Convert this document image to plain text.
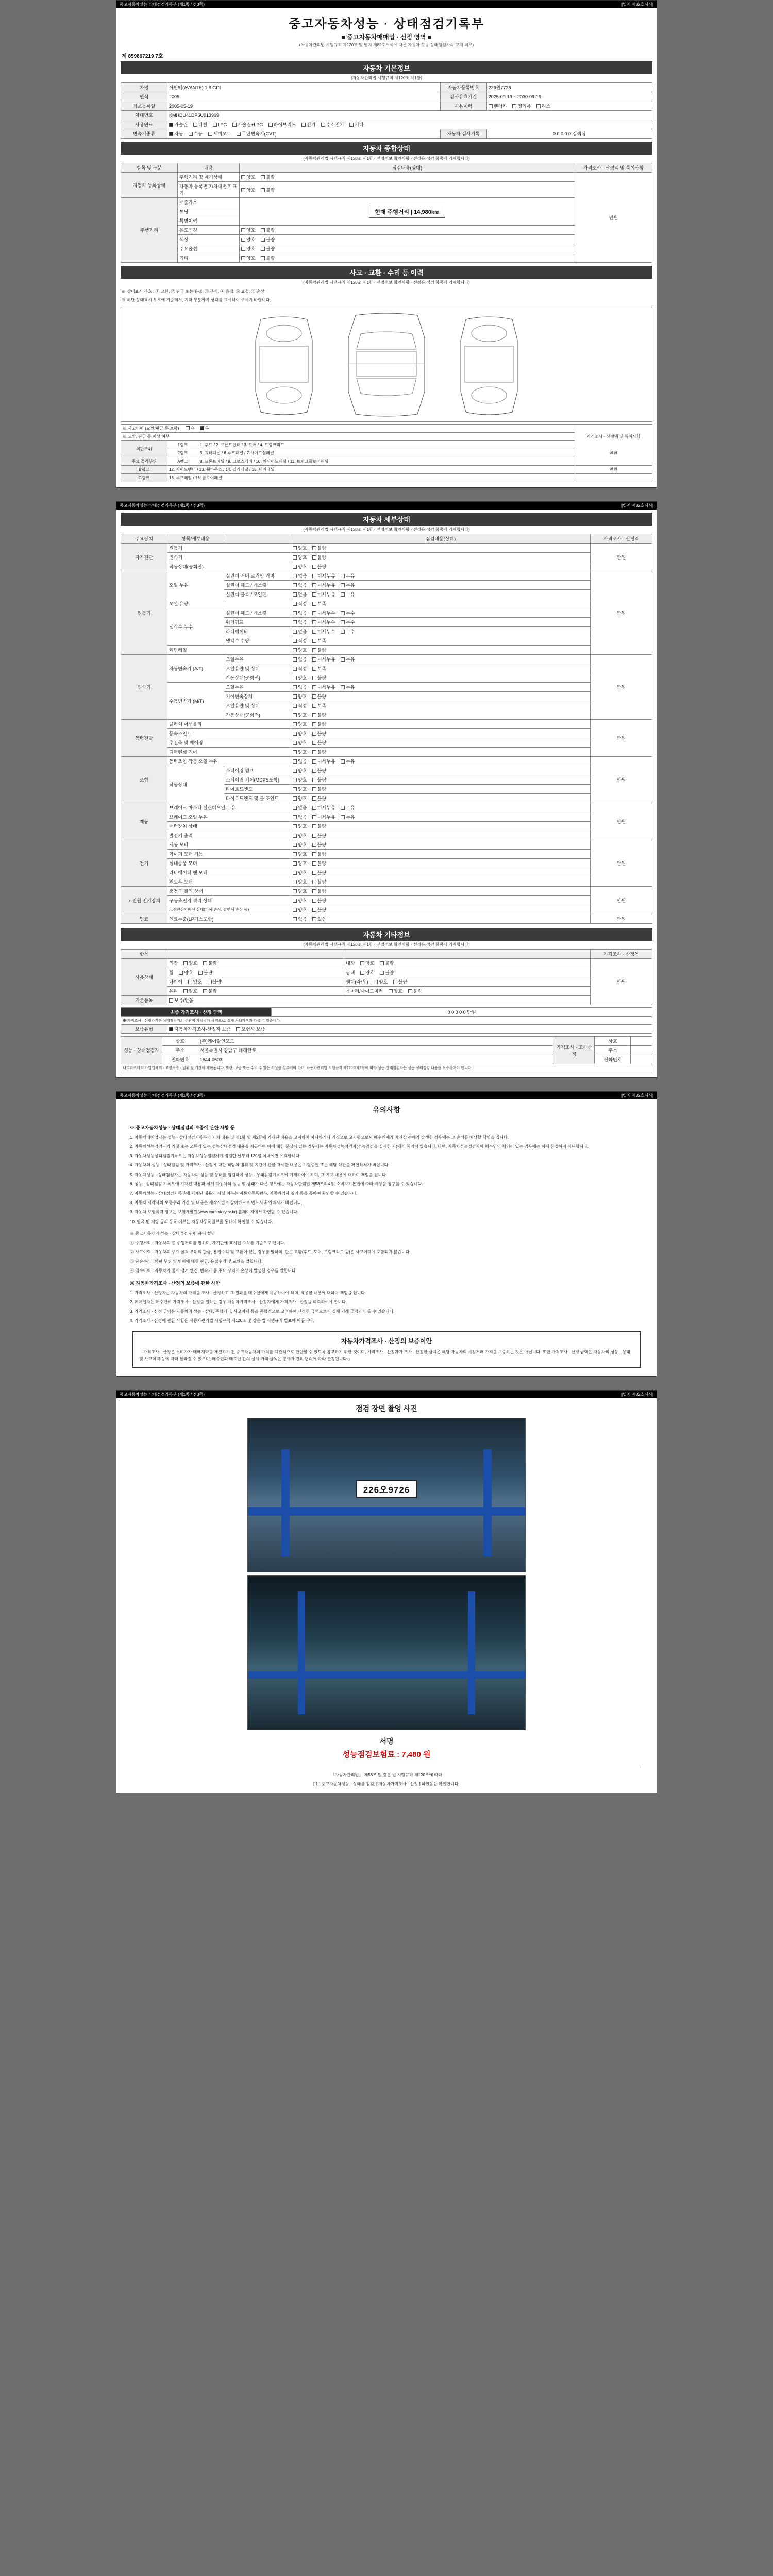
중고자동차성능·상태점검기록부 (제1쪽 / 전3쪽)	[별지 제82호서식]
중고자동차성능 · 상태점검기록부
■ 중고자동차매매업 · 선정 영역 ■
(자동차관리법 시행규칙 제120조 및 별지 제82호서식에 따른 자동차 성능·상태점검자의 고지 의무)
제 859897219 7호
자동차 기본정보
(자동차관리법 시행규칙 제120조 제1항)
차명	아반떼(AVANTE) 1.6 GDI	자동차등록번호	226원7726
연식	2006	검사유효기간	2025-09-19 ~ 2030-09-19
최초등록일	2005-05-19	사용이력	렌터카 영업용 리스
차대번호	KMHDU41DP6U013909		
사용연료	가솔린 디젤 LPG 가솔린+LPG 하이브리드 전기 수소전기 기타		
변속기종류	자동 수동 세미오토 무단변속기(CVT)	자동차 검사기록	0 0 0 0 0 검색됨
자동차 종합상태
(자동차관리법 시행규칙 제120조 제1항 · 선정정보 확인사항 · 선정용 점검 항목에 기재합니다)
항목 및 구분	내용	점검내용(상태)	가격조사 · 산정액 및 특이사항
자동차 등록상태	주행거리 및 계기상태	양호 불량	만원

	자동차 등록번호/차대번호 표기	양호 불량	
주행거리	배출가스	현재 주행거리 | 14,980km	
	튜닝		
	특별이력		
	용도변경	양호 불량	
	색상	양호 불량	
	주요옵션	양호 불량	
	기타	양호 불량	
사고 · 교환 · 수리 등 이력
(자동차관리법 시행규칙 제120조 제1항 · 선정정보 확인사항 · 선정용 점검 항목에 기재합니다)
※ 상태표시 부호 : ① 교환, ② 판금 또는 용접, ③ 부식, ④ 흠집, ⑤ 요철, ⑥ 손상
※ 하단 상태표시 부호에 기준해서, 기타 부분까지 상태를 표시하여 주시기 바랍니다.
※ 사고이력 (교환/판금 등 포함) 유 무			가격조사 · 산정액 및 특이사항
만원

※ 교환, 판금 등 이상 여부			
외판부위	1랭크	1. 후드 / 2. 프론트펜더 / 3. 도어 / 4. 트렁크리드	
	2랭크	5. 쿼터패널 / 6.루프패널 / 7.사이드실패널	
주요 골격부위	A랭크	8. 프론트패널 / 9. 크로스멤버 / 10. 인사이드패널 / 11. 트렁크플로어패널	
B랭크	12. 사이드멤버 / 13. 휠하우스 / 14. 필러패널 / 15. 대쉬패널		만원
C랭크	16. 루프레일 / 16. 플로어패널		
중고자동차성능·상태점검기록부 (제1쪽 / 전3쪽)	[별지 제82호서식]
자동차 세부상태
(자동차관리법 시행규칙 제120조 제1항 · 선정정보 확인사항 · 선정용 점검 항목에 기재합니다)
주요장치	항목/세부내용		점검내용(상태)	가격조사 · 산정액
자기진단	원동기		양호 불량	만원
	변속기		양호 불량	
	작동상태(공회전)		양호 불량	
원동기	오일 누유	실린더 커버 로커암 커버	없음 미세누유 누유	만원
		실린더 헤드 / 개스킷	없음 미세누유 누유	
		실린더 블록 / 오일팬	없음 미세누유 누유	
	오일 유량		적정 부족	
	냉각수 누수	실린더 헤드 / 개스킷	없음 미세누수 누수	
		워터펌프	없음 미세누수 누수	
		라디에이터	없음 미세누수 누수	
		냉각수 수량	적정 부족	
	커먼레일		양호 불량	
변속기	자동변속기 (A/T)	오일누유	없음 미세누유 누유	만원
		오일유량 및 상태	적정 부족	
		작동상태(공회전)	양호 불량	
	수동변속기 (M/T)	오일누유	없음 미세누유 누유	
		기어변속장치	양호 불량	
		오일유량 및 상태	적정 부족	
		작동상태(공회전)	양호 불량	
동력전달	클러치 어셈블리		양호 불량	만원
	등속조인트		양호 불량	
	추진축 및 베어링		양호 불량	
	디퍼렌셜 기어		양호 불량	
조향	동력조향 작동 오일 누유		없음 미세누유 누유	만원
	작동상태	스티어링 펌프	양호 불량	
		스티어링 기어(MDPS포함)	양호 불량	
		타이로드엔드	양호 불량	
		타이로드엔드 및 볼 조인트	양호 불량	
제동	브레이크 마스터 실린더오일 누유		없음 미세누유 누유	만원
	브레이크 오일 누유		없음 미세누유 누유	
	배력장치 상태		양호 불량	
	발전기 출력		양호 불량	
전기	시동 모터		양호 불량	만원
	와이퍼 모터 기능		양호 불량	
	실내송풍 모터		양호 불량	
	라디에이터 팬 모터		양호 불량	
	윈도우 모터		양호 불량	
고전원 전기장치	충전구 절연 상태		양호 불량	만원
	구동축전지 격리 상태		양호 불량	
	고전원전기배선 상태(피복 손상, 절연체 손상 등)		양호 불량	
연료	연료누출(LP가스포함)		없음 있음	만원
자동차 기타정보
(자동차관리법 시행규칙 제120조 제1항 · 선정정보 확인사항 · 선정용 점검 항목에 기재합니다)
항목			가격조사 · 산정액
사용상태	외장 양호 불량	내장 양호 불량	만원
	휠 양호 불량	광택 양호 불량	
	타이어 양호 불량	휀더(좌/우) 양호 불량	
	유리 양호 불량	룸미러/사이드미러 양호 불량	
기본품목	보유/없음		
최종 가격조사 · 산정 금액		0 0 0 0 0 만원
※ 가격조사 · 산정가격은 상태점검자의 주관적 가치평가 금액으로, 실제 거래가격과 다를 수 있습니다.		
보증유형	자동차가격조사·산정자 보증 보험사 보증	
성능 · 상태점검자	상호	(주)케이알인포모	가격조사 · 조사산정	상호	
	주소	서울특별시 강남구 테헤란로		주소	
	전화번호	1644-0503		전화번호	
내트워크에 미가입업체의 · 고장보증 · 범위 및 기간이 제한됩니다. 또한, 보증 또는 수리 수 있는 시설을 갖추어야 하며, 자동차관리법 시행규칙 제120조제1항에 따라 성능·상태점검자는 성능·상태점검 내용을 보증하여야 합니다.					
중고자동차성능·상태점검기록부 (제1쪽 / 전3쪽)	[별지 제82호서식]
유의사항
※ 중고자동차성능 · 상태점검의 보증에 관한 사항 등

1. 자동차매매업자는 성능 · 상태점검기록부의 기재 내용 및 제1항 및 제2항에 기재된 내용을 고지하지 아니하거나 거짓으로 고지함으로써 매수인에게 재산상 손해가 발생한 경우에는 그 손해를 배상할 책임을 집니다.

2. 자동차성능점검자가 거짓 또는 오류가 있는 성능상태점검 내용을 제공하여 이에 대한 분쟁이 있는 경우에는 자동차성능점검자(성능점검을 실시한 자)에게 책임이 있습니다. 다만, 자동차성능점검자에 매수인의 책임이 있는 경우에는 이에 한정하지 아니합니다.

3. 자동차성능상태점검기록부는 자동차성능점검자가 점검한 날부터 120일 이내에만 유효합니다.

4. 자동차의 성능 · 상태점검 및 가격조사 · 산정에 대한 책임의 범위 및 기간에 관한 자세한 내용은 보험증권 또는 해당 약관을 확인하시기 바랍니다.

5. 자동차성능 · 상태점검자는 자동차의 성능 및 상태를 점검하여 성능 · 상태점검기록부에 기재하여야 하며, 그 기재 내용에 대하여 책임을 집니다.

6. 성능 · 상태점검 기록부에 기재된 내용과 실제 자동차의 성능 및 상태가 다른 경우에는 자동차관리법 제58조의4 및 소비자기본법에 따라 배상을 청구할 수 있습니다.

7. 자동차성능 · 상태점검기록부에 기재된 내용의 사실 여부는 자동차등록원부, 자동차검사 결과 등을 통하여 확인할 수 있습니다.

8. 자동차 제작사의 보증수리 기간 및 내용은 제작사별로 상이하므로 반드시 확인하시기 바랍니다.

9. 자동차 보험이력 정보는 보험개발원(www.carhistory.or.kr) 홈페이지에서 확인할 수 있습니다.

10. 압류 및 저당 등의 등록 여부는 자동차등록원부를 통하여 확인할 수 있습니다.

※ 중고자동차의 성능 · 상태점검 관련 용어 설명

① 주행거리 : 자동차의 총 주행거리를 말하며, 계기판에 표시된 수치를 기준으로 합니다.

② 사고이력 : 자동차의 주요 골격 부위의 판금, 용접수리 및 교환이 있는 경우를 말하며, 단순 교환(후드, 도어, 트렁크리드 등)은 사고이력에 포함되지 않습니다.

③ 단순수리 : 외판 부위 및 범퍼에 대한 판금, 용접수리 및 교환을 말합니다.

④ 침수이력 : 자동차가 물에 잠겨 엔진, 변속기 등 주요 장치에 손상이 발생한 경우를 말합니다.

※ 자동차가격조사 · 산정의 보증에 관한 사항

1. 가격조사 · 산정자는 자동차의 가격을 조사 · 산정하고 그 결과를 매수인에게 제공하여야 하며, 제공한 내용에 대하여 책임을 집니다.

2. 매매업자는 매수인이 가격조사 · 산정을 원하는 경우 자동차가격조사 · 산정자에게 가격조사 · 산정을 의뢰하여야 합니다.

3. 가격조사 · 산정 금액은 자동차의 성능 · 상태, 주행거리, 사고이력 등을 종합적으로 고려하여 산정한 금액으로서 실제 거래 금액과 다를 수 있습니다.

4. 가격조사 · 산정에 관한 사항은 자동차관리법 시행규칙 제120조 및 같은 법 시행규칙 별표에 따릅니다.

자동차가격조사 · 산정의 보증이안
「가격조사 · 산정은 소비자가 매매계약을 체결하기 전 중고자동차의 가치를 객관적으로 판단할 수 있도록 참고하기 위한 것이며, 가격조사 · 산정자가 조사 · 산정한 금액은 해당 자동차의 시장거래 가격을 보증하는 것은 아닙니다. 또한 가격조사 · 산정 금액은 자동차의 성능 · 상태 및 사고이력 등에 따라 달라질 수 있으며, 매수인과 매도인 간의 실제 거래 금액은 당사자 간의 협의에 따라 결정됩니다.」
중고자동차성능·상태점검기록부 (제1쪽 / 전3쪽)	[별지 제82호서식]
점검 장면 촬영 사진
226오9726
서명
성능점검보험료 : 7,480 원
「자동차관리법」 제58조 및 같은 법 시행규칙 제120조에 따라
[ 1 ] 중고자동차성능 · 상태를 점검, [ 자동차가격조사 · 산정 ] 하였음을 확인합니다.
